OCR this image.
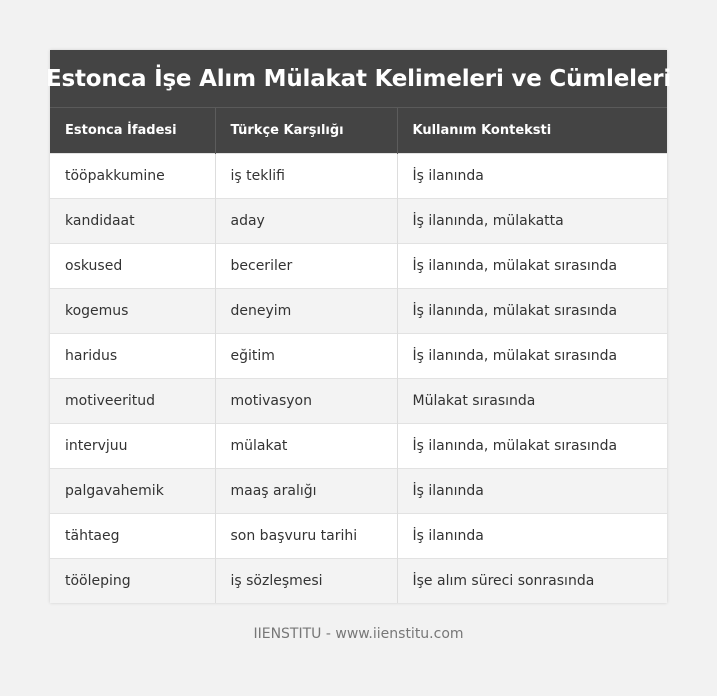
Estonca İşe Alım Mülakat Kelimeleri ve Cümleleri
Estonca İfadesi	Türkçe Karşılığı	Kullanım Konteksti
tööpakkumine	iş teklifi	İş ilanında
kandidaat	aday	İş ilanında, mülakatta
oskused	beceriler	İş ilanında, mülakat sırasında
kogemus	deneyim	İş ilanında, mülakat sırasında
haridus	eğitim	İş ilanında, mülakat sırasında
motiveeritud	motivasyon	Mülakat sırasında
intervjuu	mülakat	İş ilanında, mülakat sırasında
palgavahemik	maaş aralığı	İş ilanında
tähtaeg	son başvuru tarihi	İş ilanında
tööleping	iş sözleşmesi	İşe alım süreci sonrasında
IIENSTITU - www.iienstitu.com
